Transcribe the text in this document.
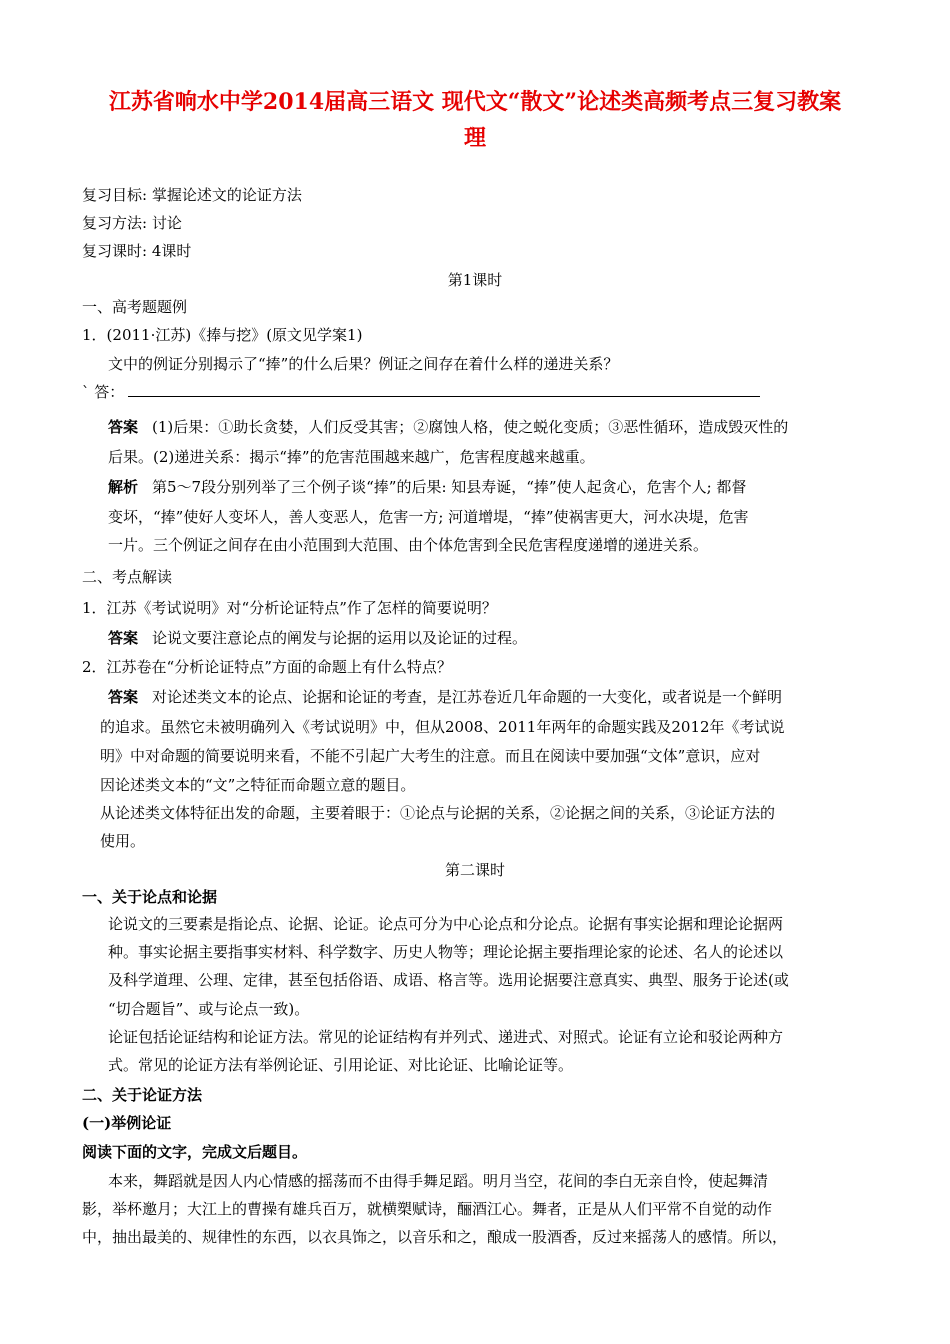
江苏省响水中学2014届高三语文 现代文“散文”论述类高频考点三复习教案
理
复习目标: 掌握论述文的论证方法
复习方法: 讨论
复习课时: 4课时
第1课时
一、高考题题例
1．(2011·江苏)《捧与挖》(原文见学案1)
文中的例证分别揭示了“捧”的什么后果？例证之间存在着什么样的递进关系？
` 答：
答案 (1)后果：①助长贪婪，人们反受其害；②腐蚀人格，使之蜕化变质；③恶性循环，造成毁灭性的
后果。(2)递进关系：揭示“捧”的危害范围越来越广，危害程度越来越重。
解析 第5～7段分别列举了三个例子谈“捧”的后果: 知县寿诞，“捧”使人起贪心，危害个人; 都督
变坏，“捧”使好人变坏人，善人变恶人，危害一方; 河道增堤，“捧”使祸害更大，河水决堤，危害
一片。三个例证之间存在由小范围到大范围、由个体危害到全民危害程度递增的递进关系。
二、考点解读
1．江苏《考试说明》对“分析论证特点”作了怎样的简要说明？
答案 论说文要注意论点的阐发与论据的运用以及论证的过程。
2．江苏卷在“分析论证特点”方面的命题上有什么特点？
答案 对论述类文本的论点、论据和论证的考查，是江苏卷近几年命题的一大变化，或者说是一个鲜明
的追求。虽然它未被明确列入《考试说明》中，但从2008、2011年两年的命题实践及2012年《考试说
明》中对命题的简要说明来看，不能不引起广大考生的注意。而且在阅读中要加强“文体”意识，应对
因论述类文本的“文”之特征而命题立意的题目。
从论述类文体特征出发的命题，主要着眼于：①论点与论据的关系，②论据之间的关系，③论证方法的
使用。
第二课时
一、关于论点和论据
论说文的三要素是指论点、论据、论证。论点可分为中心论点和分论点。论据有事实论据和理论论据两
种。事实论据主要指事实材料、科学数字、历史人物等；理论论据主要指理论家的论述、名人的论述以
及科学道理、公理、定律，甚至包括俗语、成语、格言等。选用论据要注意真实、典型、服务于论述(或
“切合题旨”、或与论点一致)。
论证包括论证结构和论证方法。常见的论证结构有并列式、递进式、对照式。论证有立论和驳论两种方
式。常见的论证方法有举例论证、引用论证、对比论证、比喻论证等。
二、关于论证方法
(一)举例论证
阅读下面的文字，完成文后题目。
本来，舞蹈就是因人内心情感的摇荡而不由得手舞足蹈。明月当空，花间的李白无亲自怜，使起舞清
影，举杯邀月；大江上的曹操有雄兵百万，就横槊赋诗，酾酒江心。舞者，正是从人们平常不自觉的动作
中，抽出最美的、规律性的东西，以衣具饰之，以音乐和之，酿成一股酒香，反过来摇荡人的感情。所以，
